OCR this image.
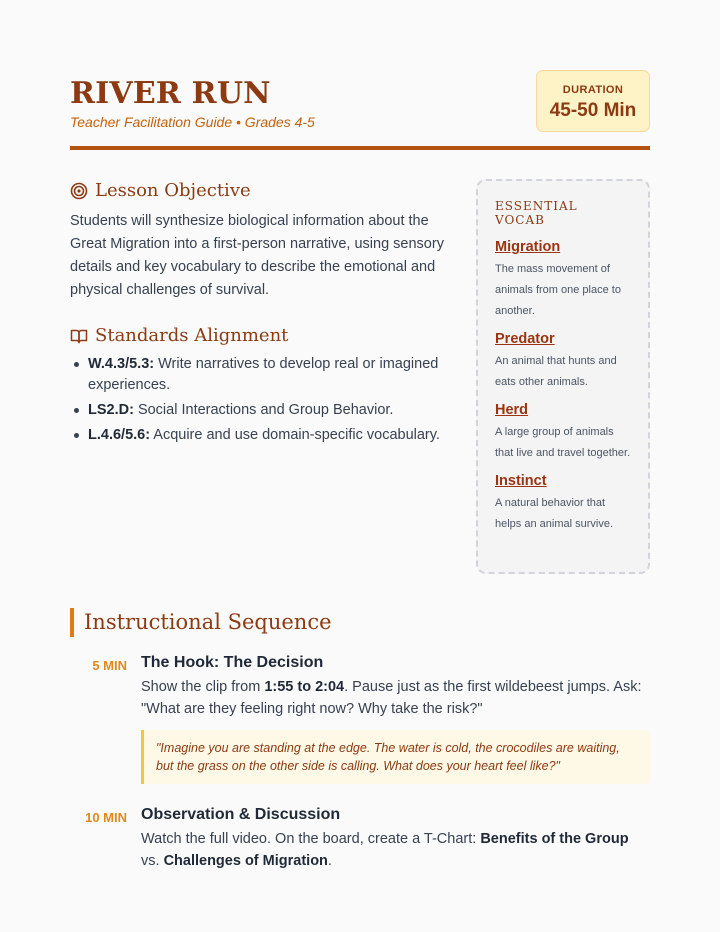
RIVER RUN
Teacher Facilitation Guide • Grades 4-5
DURATION
45-50 Min
Lesson Objective
Students will synthesize biological information about the Great Migration into a first-person narrative, using sensory details and key vocabulary to describe the emotional and physical challenges of survival.
Standards Alignment
W.4.3/5.3: Write narratives to develop real or imagined experiences.
LS2.D: Social Interactions and Group Behavior.
L.4.6/5.6: Acquire and use domain-specific vocabulary.
ESSENTIAL VOCAB
Migration
The mass movement of animals from one place to another.
Predator
An animal that hunts and eats other animals.
Herd
A large group of animals that live and travel together.
Instinct
A natural behavior that helps an animal survive.
Instructional Sequence
5 MIN The Hook: The Decision
Show the clip from 1:55 to 2:04. Pause just as the first wildebeest jumps. Ask: "What are they feeling right now? Why take the risk?"
"Imagine you are standing at the edge. The water is cold, the crocodiles are waiting, but the grass on the other side is calling. What does your heart feel like?"
10 MIN Observation & Discussion
Watch the full video. On the board, create a T-Chart: Benefits of the Group vs. Challenges of Migration.
